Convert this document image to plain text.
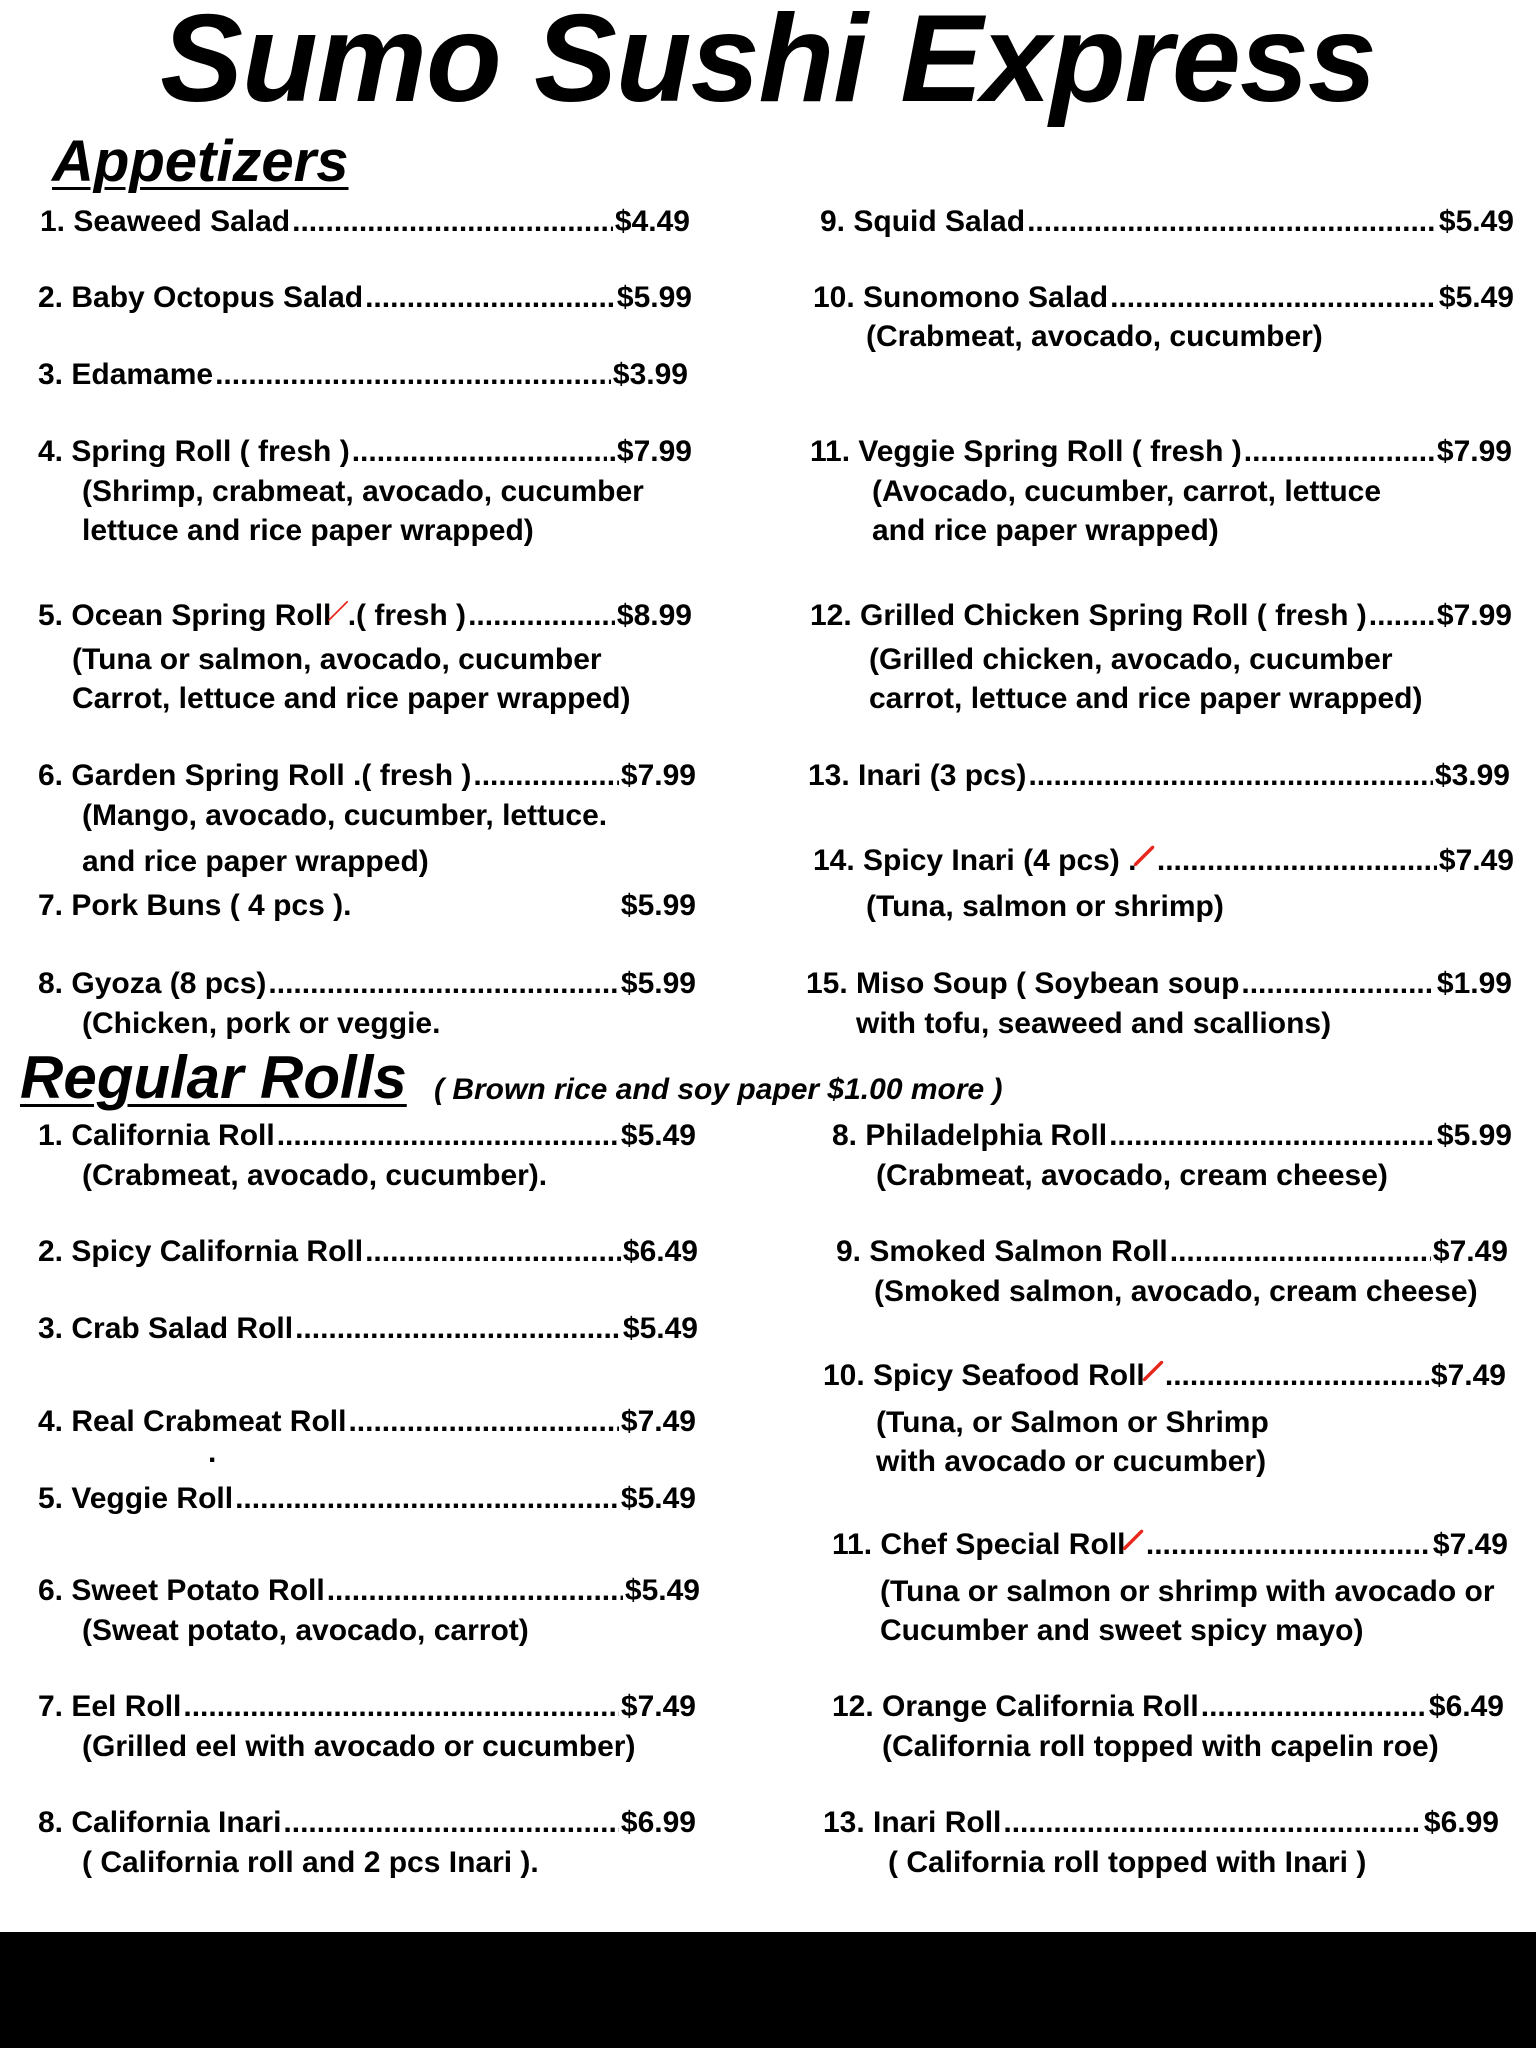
Sumo Sushi Express
Appetizers
1. Seaweed Salad .....	$4.49
2. Baby Octopus Salad .....	$5.99
3. Edamame .....	$3.99
4. Spring Roll ( fresh ) .....	.$7.99
(Shrimp, crabmeat, avocado, cucumber
lettuce and rice paper wrapped)
5. Ocean Spring Roll .( fresh ) .....	$8.99
(Tuna or salmon, avocado, cucumber
Carrot, lettuce and rice paper wrapped)
6. Garden Spring Roll .( fresh ) .....	$7.99
(Mango, avocado, cucumber, lettuce.
and rice paper wrapped)
7. Pork Buns ( 4 pcs ).	$5.99
8. Gyoza (8 pcs) .....	$5.99
(Chicken, pork or veggie.
9. Squid Salad .....	$5.49
10. Sunomono Salad .....	$5.49
(Crabmeat, avocado, cucumber)
11. Veggie Spring Roll ( fresh ) .....	$7.99
(Avocado, cucumber, carrot, lettuce
and rice paper wrapped)
12. Grilled Chicken Spring Roll ( fresh ) ..... $7.99
(Grilled chicken, avocado, cucumber
carrot, lettuce and rice paper wrapped)
13. Inari (3 pcs) .....	$3.99
14. Spicy Inari (4 pcs) . .....	$7.49
(Tuna, salmon or shrimp)
15. Miso Soup ( Soybean soup .....	$1.99
with tofu, seaweed and scallions)
Regular Rolls ( Brown rice and soy paper $1.00 more )
1. California Roll .....	$5.49
(Crabmeat, avocado, cucumber).
2. Spicy California Roll .....	$6.49
3. Crab Salad Roll .....	$5.49
4. Real Crabmeat Roll .....	$7.49
.
5. Veggie Roll .....	$5.49
6. Sweet Potato Roll .....	$5.49
(Sweat potato, avocado, carrot)
7. Eel Roll .....	$7.49
(Grilled eel with avocado or cucumber)
8. California Inari .....	$6.99
( California roll and 2 pcs Inari ).
8. Philadelphia Roll .....	$5.99
(Crabmeat, avocado, cream cheese)
9. Smoked Salmon Roll .....	$7.49
(Smoked salmon, avocado, cream cheese)
10. Spicy Seafood Roll .....	$7.49
(Tuna, or Salmon or Shrimp
with avocado or cucumber)
11. Chef Special Roll .....	$7.49
(Tuna or salmon or shrimp with avocado or
Cucumber and sweet spicy mayo)
12. Orange California Roll .....	$6.49
(California roll topped with capelin roe)
13. Inari Roll .....	$6.99
( California roll topped with Inari )
